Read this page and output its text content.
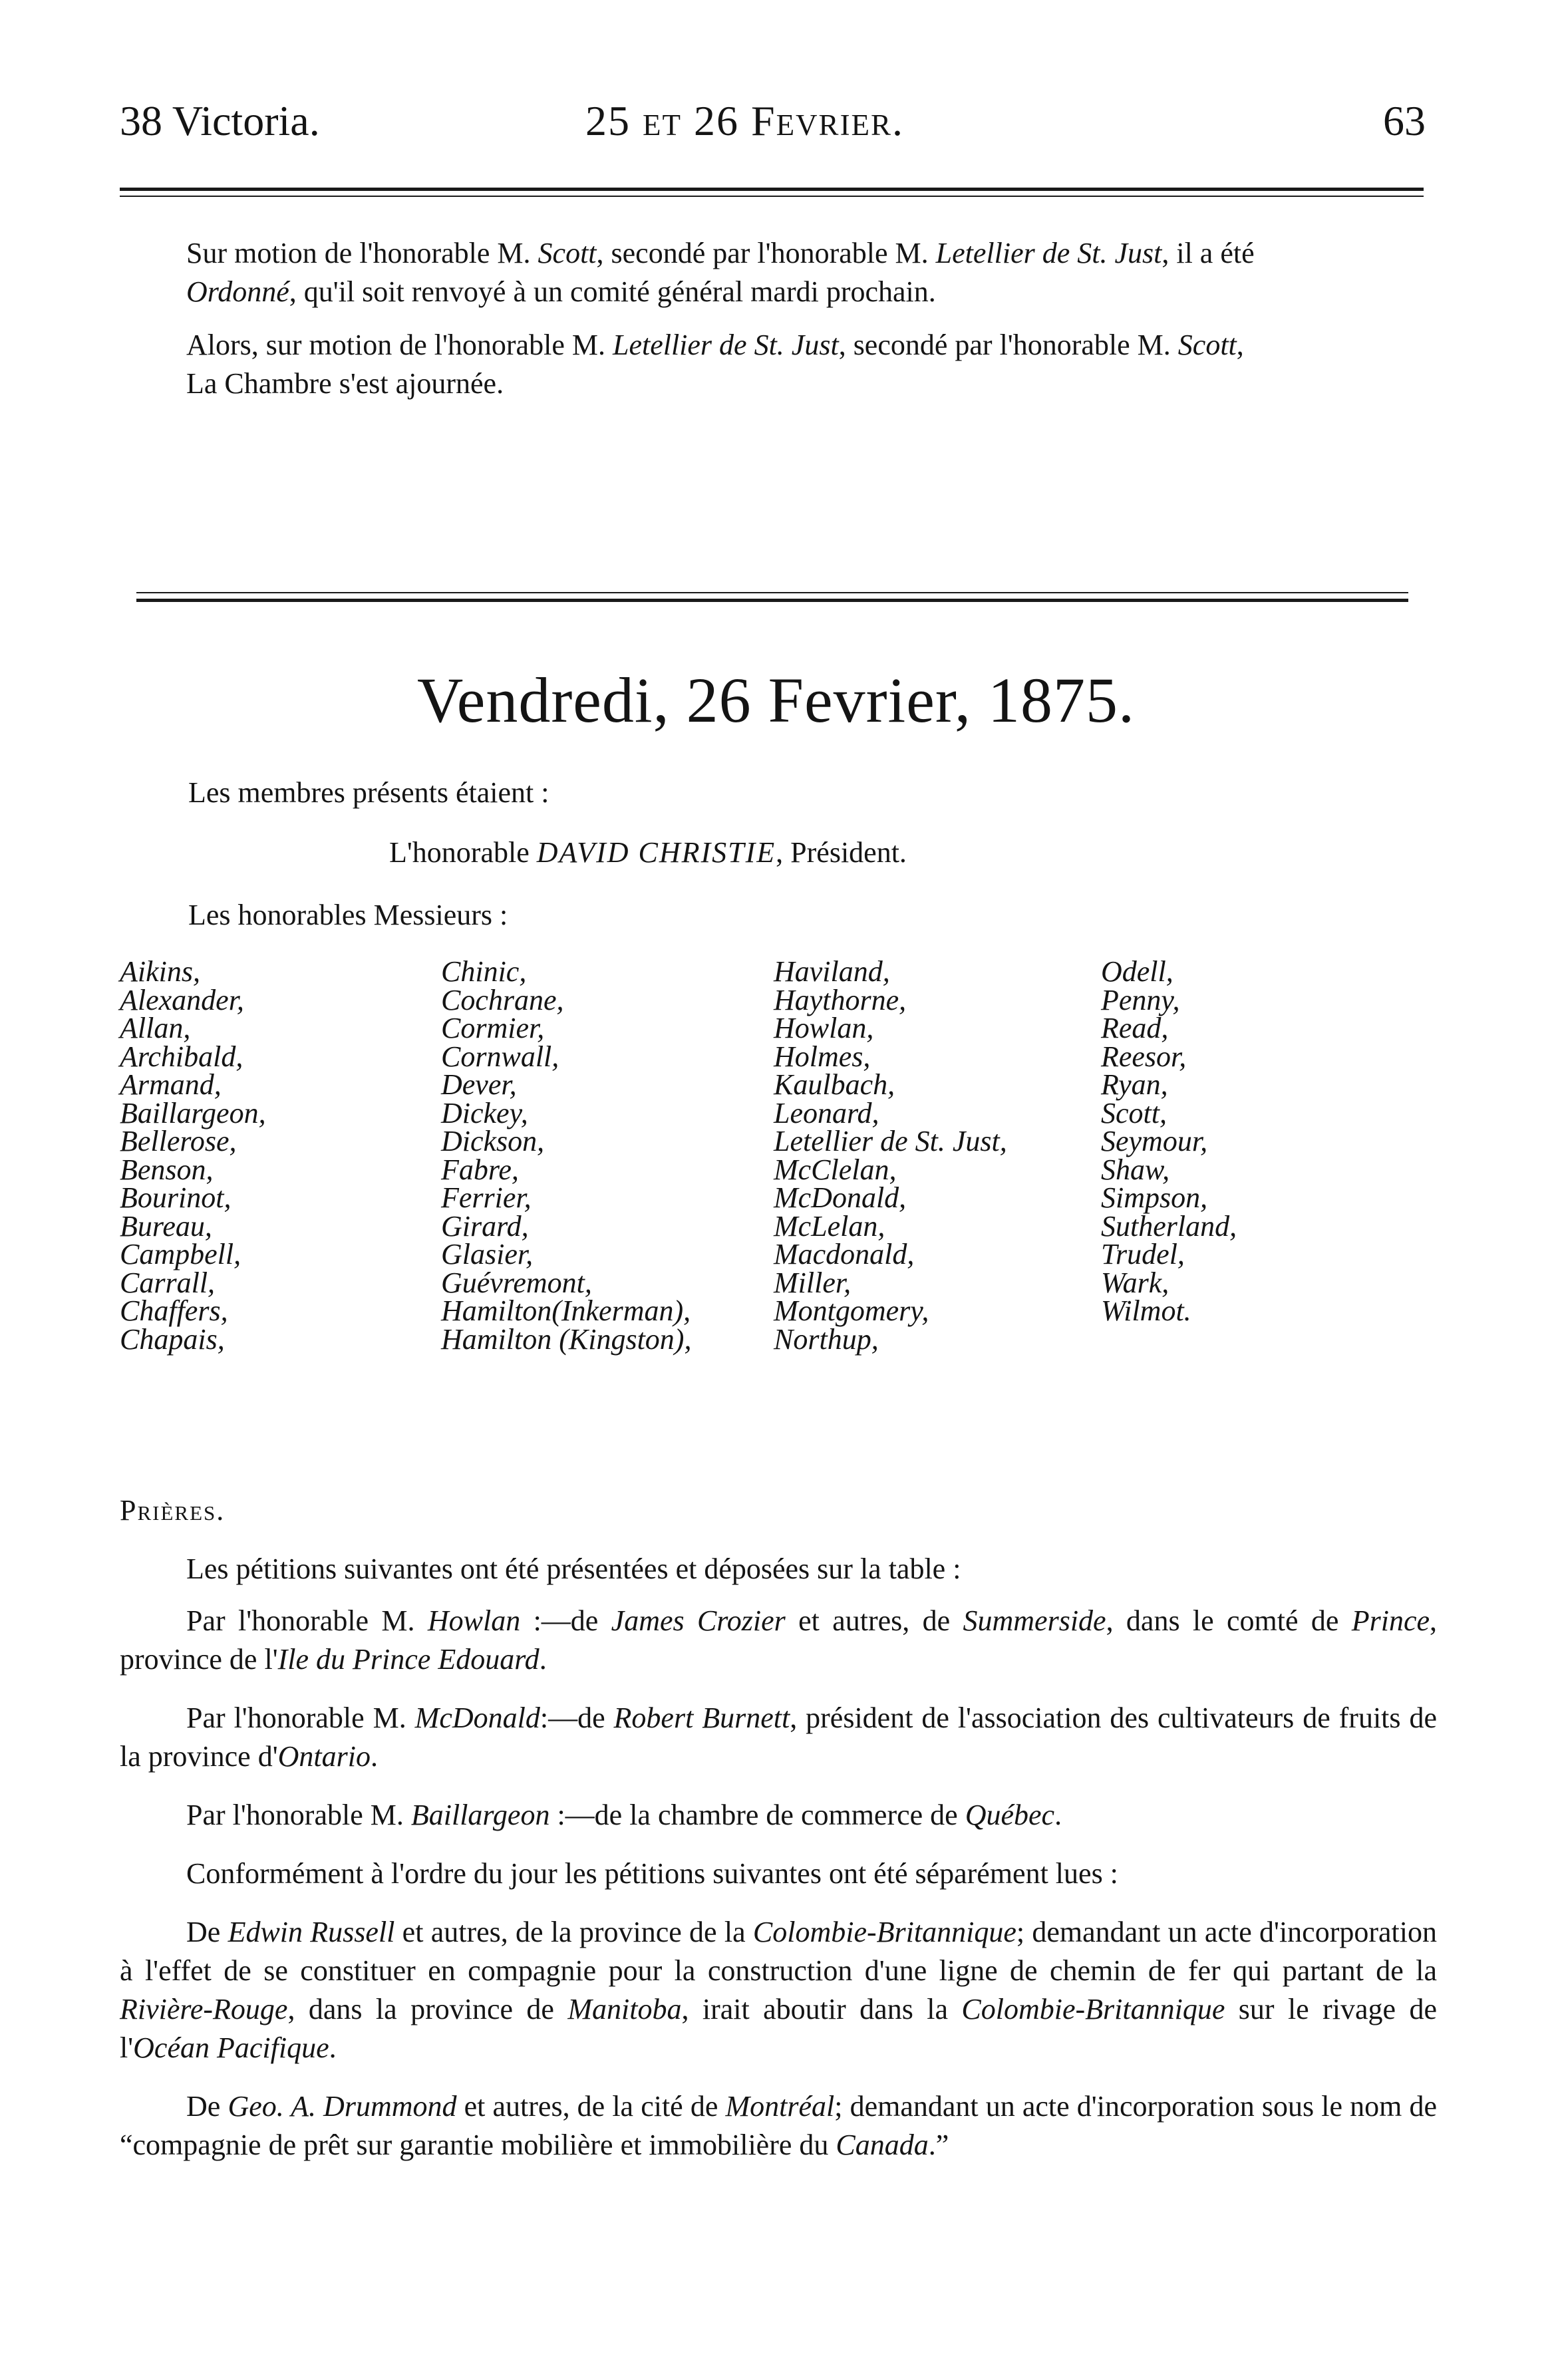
38 Victoria.	25 et 26 Fevrier.	63

Sur motion de l'honorable M. Scott, secondé par l'honorable M. Letellier de St. Just, il a été

Ordonné, qu'il soit renvoyé à un comité général mardi prochain.

Alors, sur motion de l'honorable M. Letellier de St. Just, secondé par l'honorable M. Scott,

La Chambre s'est ajournée.

Vendredi, 26 Fevrier, 1875.
Les membres présents étaient :
L'honorable DAVID CHRISTIE, Président.
Les honorables Messieurs :
Aikins,
Alexander,
Allan,
Archibald,
Armand,
Baillargeon,
Bellerose,
Benson,
Bourinot,
Bureau,
Campbell,
Carrall,
Chaffers,
Chapais,
Chinic,
Cochrane,
Cormier,
Cornwall,
Dever,
Dickey,
Dickson,
Fabre,
Ferrier,
Girard,
Glasier,
Guévremont,
Hamilton(Inkerman),
Hamilton (Kingston),
Haviland,
Haythorne,
Howlan,
Holmes,
Kaulbach,
Leonard,
Letellier de St. Just,
McClelan,
McDonald,
McLelan,
Macdonald,
Miller,
Montgomery,
Northup,
Odell,
Penny,
Read,
Reesor,
Ryan,
Scott,
Seymour,
Shaw,
Simpson,
Sutherland,
Trudel,
Wark,
Wilmot.
Prières.

Les pétitions suivantes ont été présentées et déposées sur la table :

Par l'honorable M. Howlan :—de James Crozier et autres, de Summerside, dans le comté de Prince, province de l'Ile du Prince Edouard.

Par l'honorable M. McDonald:—de Robert Burnett, président de l'association des cultivateurs de fruits de la province d'Ontario.

Par l'honorable M. Baillargeon :—de la chambre de commerce de Québec.

Conformément à l'ordre du jour les pétitions suivantes ont été séparément lues :

De Edwin Russell et autres, de la province de la Colombie-Britannique; demandant un acte d'incorporation à l'effet de se constituer en compagnie pour la construction d'une ligne de chemin de fer qui partant de la Rivière-Rouge, dans la province de Manitoba, irait aboutir dans la Colombie-Britannique sur le rivage de l'Océan Pacifique.

De Geo. A. Drummond et autres, de la cité de Montréal; demandant un acte d'incorporation sous le nom de “compagnie de prêt sur garantie mobilière et immobilière du Canada.”
